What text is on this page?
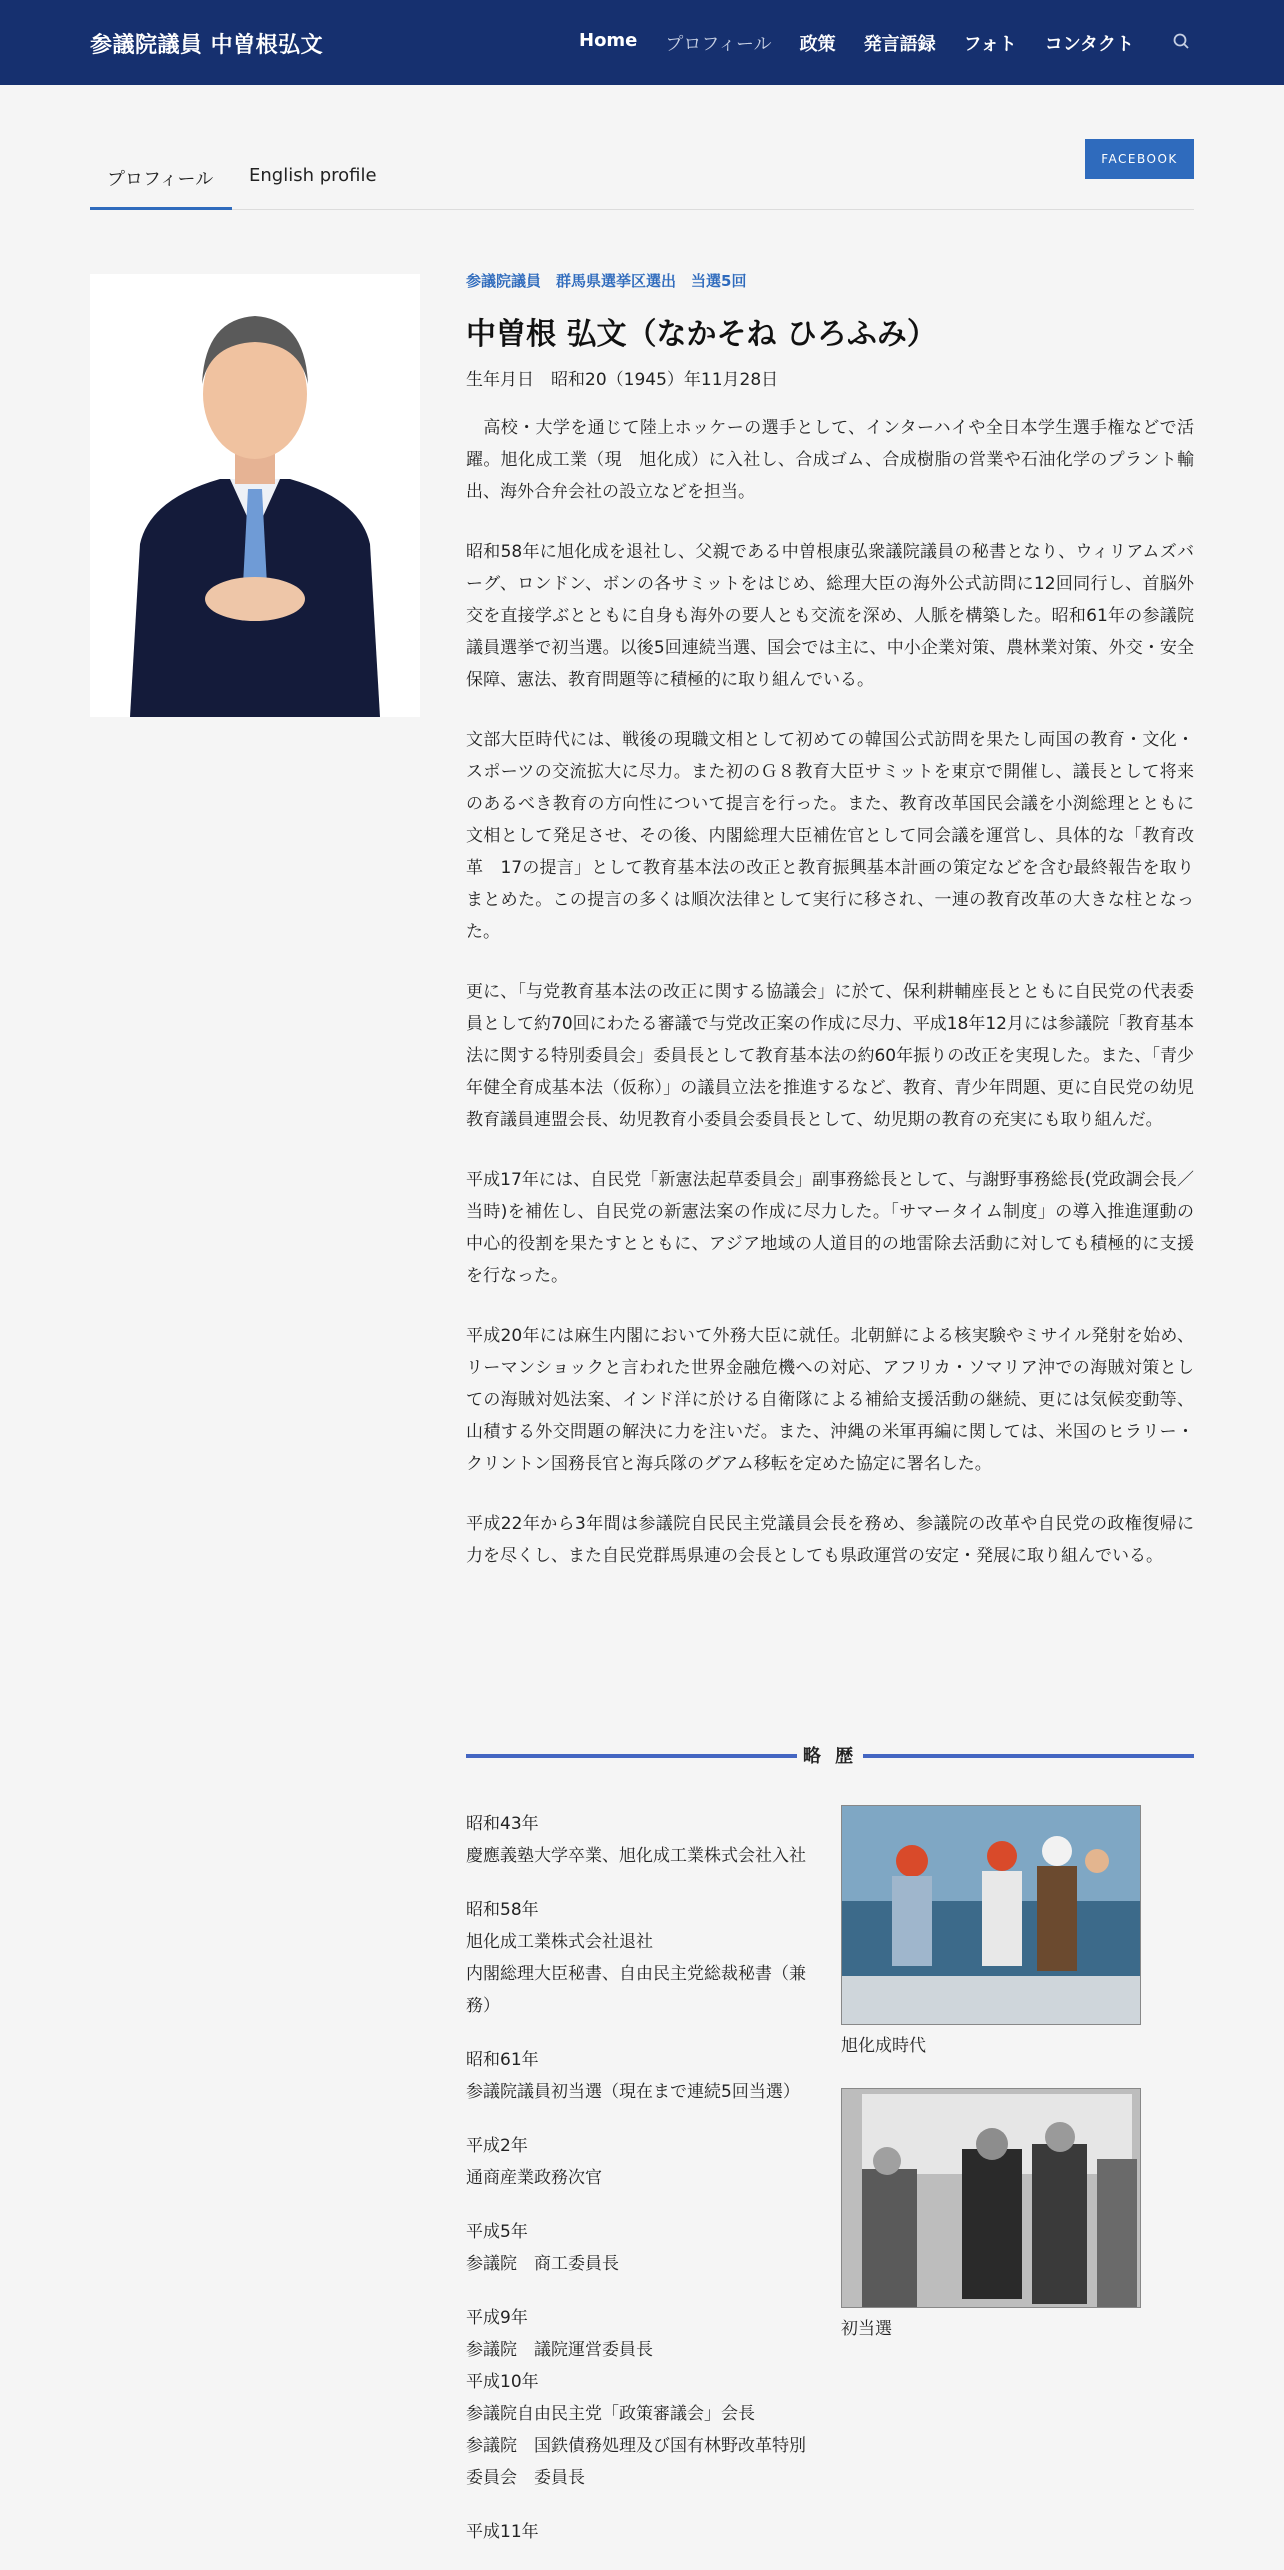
参議院議員 中曽根弘文	Home プロフィール 政策 発言語録 フォト コンタクト
プロフィール English profile
FACEBOOK
参議院議員　群馬県選挙区選出　当選5回
中曽根 弘文（なかそね ひろふみ）
生年月日　昭和20（1945）年11月28日

　高校・大学を通じて陸上ホッケーの選手として、インターハイや全日本学生選手権などで活躍。旭化成工業（現　旭化成）に入社し、合成ゴム、合成樹脂の営業や石油化学のプラント輸出、海外合弁会社の設立などを担当。

昭和58年に旭化成を退社し、父親である中曽根康弘衆議院議員の秘書となり、ウィリアムズバーグ、ロンドン、ボンの各サミットをはじめ、総理大臣の海外公式訪問に12回同行し、首脳外交を直接学ぶとともに自身も海外の要人とも交流を深め、人脈を構築した。昭和61年の参議院議員選挙で初当選。以後5回連続当選、国会では主に、中小企業対策、農林業対策、外交・安全保障、憲法、教育問題等に積極的に取り組んでいる。

文部大臣時代には、戦後の現職文相として初めての韓国公式訪問を果たし両国の教育・文化・スポーツの交流拡大に尽力。また初のＧ８教育大臣サミットを東京で開催し、議長として将来のあるべき教育の方向性について提言を行った。また、教育改革国民会議を小渕総理とともに文相として発足させ、その後、内閣総理大臣補佐官として同会議を運営し、具体的な「教育改革　17の提言」として教育基本法の改正と教育振興基本計画の策定などを含む最終報告を取りまとめた。この提言の多くは順次法律として実行に移され、一連の教育改革の大きな柱となった。

更に、「与党教育基本法の改正に関する協議会」に於て、保利耕輔座長とともに自民党の代表委員として約70回にわたる審議で与党改正案の作成に尽力、平成18年12月には参議院「教育基本法に関する特別委員会」委員長として教育基本法の約60年振りの改正を実現した。また、「青少年健全育成基本法（仮称）」の議員立法を推進するなど、教育、青少年問題、更に自民党の幼児教育議員連盟会長、幼児教育小委員会委員長として、幼児期の教育の充実にも取り組んだ。

平成17年には、自民党「新憲法起草委員会」副事務総長として、与謝野事務総長(党政調会長／当時)を補佐し、自民党の新憲法案の作成に尽力した。「サマータイム制度」の導入推進運動の中心的役割を果たすとともに、アジア地域の人道目的の地雷除去活動に対しても積極的に支援を行なった。

平成20年には麻生内閣において外務大臣に就任。北朝鮮による核実験やミサイル発射を始め、リーマンショックと言われた世界金融危機への対応、アフリカ・ソマリア沖での海賊対策としての海賊対処法案、インド洋に於ける自衛隊による補給支援活動の継続、更には気候変動等、山積する外交問題の解決に力を注いだ。また、沖縄の米軍再編に関しては、米国のヒラリー・クリントン国務長官と海兵隊のグアム移転を定めた協定に署名した。

平成22年から3年間は参議院自民民主党議員会長を務め、参議院の改革や自民党の政権復帰に力を尽くし、また自民党群馬県連の会長としても県政運営の安定・発展に取り組んでいる。

略 歴
昭和43年
慶應義塾大学卒業、旭化成工業株式会社入社
昭和58年
旭化成工業株式会社退社
内閣総理大臣秘書、自由民主党総裁秘書（兼務）
昭和61年
参議院議員初当選（現在まで連続5回当選）
平成2年
通商産業政務次官
平成5年
参議院　商工委員長
平成9年
参議院　議院運営委員長
平成10年
参議院自由民主党「政策審議会」会長
参議院　国鉄債務処理及び国有林野改革特別委員会　委員長
平成11年
旭化成時代
初当選
